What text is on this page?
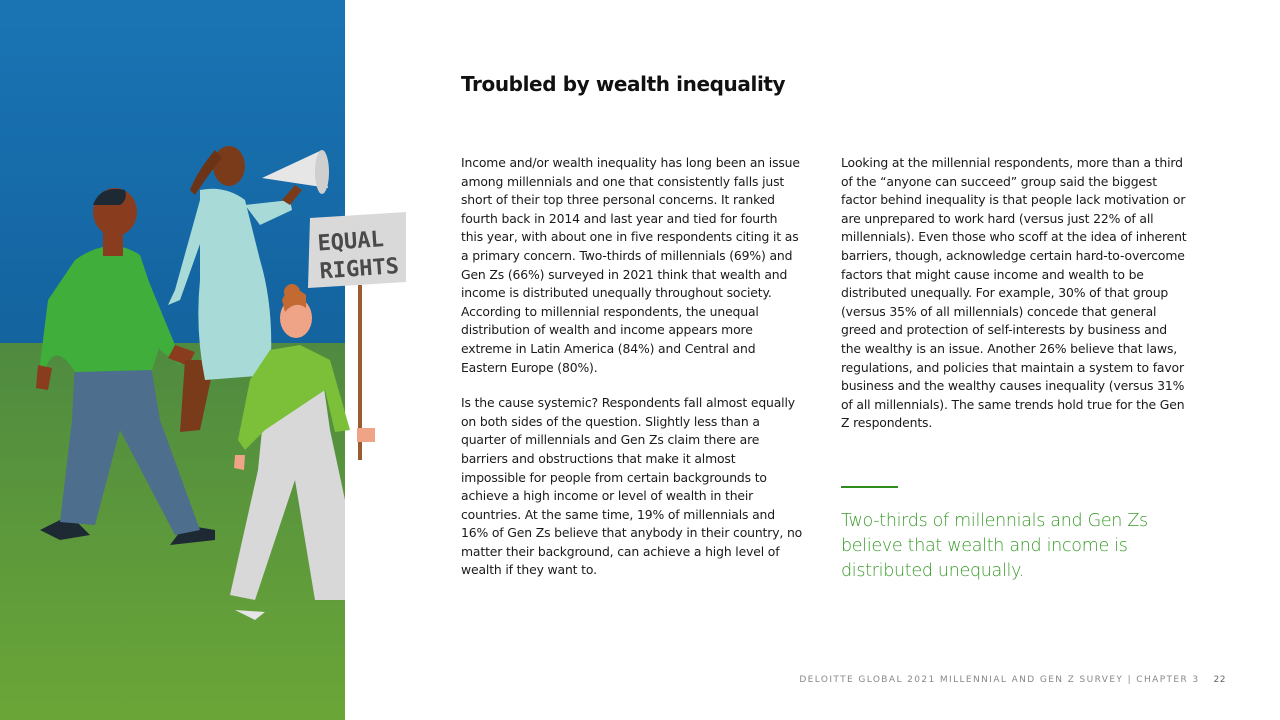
EQUAL
RIGHTS
Troubled by wealth inequality

Income and/or wealth inequality has long been an issue among millennials and one that consistently falls just short of their top three personal concerns. It ranked fourth back in 2014 and last year and tied for fourth this year, with about one in five respondents citing it as a primary concern. Two-thirds of millennials (69%) and Gen Zs (66%) surveyed in 2021 think that wealth and income is distributed unequally throughout society. According to millennial respondents, the unequal distribution of wealth and income appears more extreme in Latin America (84%) and Central and Eastern Europe (80%).

Is the cause systemic? Respondents fall almost equally on both sides of the question. Slightly less than a quarter of millennials and Gen Zs claim there are barriers and obstructions that make it almost impossible for people from certain backgrounds to achieve a high income or level of wealth in their countries. At the same time, 19% of millennials and 16% of Gen Zs believe that anybody in their country, no matter their background, can achieve a high level of wealth if they want to.

Looking at the millennial respondents, more than a third of the “anyone can succeed” group said the biggest factor behind inequality is that people lack motivation or are unprepared to work hard (versus just 22% of all millennials). Even those who scoff at the idea of inherent barriers, though, acknowledge certain hard-to-overcome factors that might cause income and wealth to be distributed unequally. For example, 30% of that group (versus 35% of all millennials) concede that general greed and protection of self-interests by business and the wealthy is an issue. Another 26% believe that laws, regulations, and policies that maintain a system to favor business and the wealthy causes inequality (versus 31% of all millennials). The same trends hold true for the Gen Z respondents.

Two-thirds of millennials and Gen Zs believe that wealth and income is distributed unequally.

DELOITTE GLOBAL 2021 MILLENNIAL AND GEN Z SURVEY | CHAPTER 3 22
